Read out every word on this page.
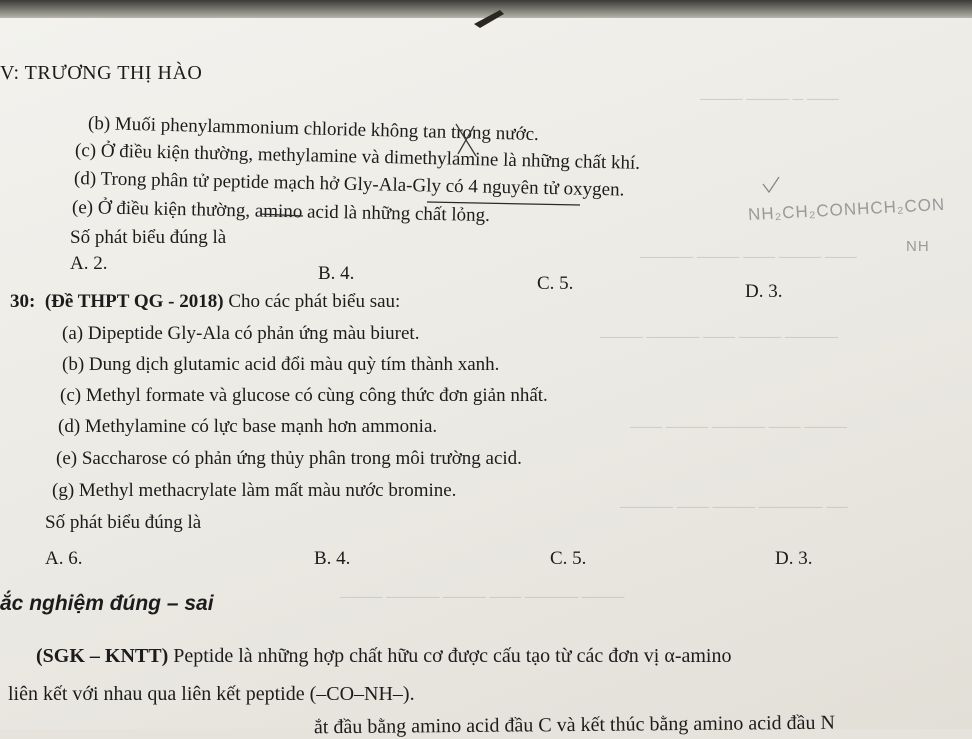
──── ──── ─ ───
───── ──── ─── ──── ───
──── ───── ─── ──── ─────
─── ──── ───── ─── ────
───── ─── ──── ────── ──
──── ───── ──── ─── ───── ────
V: TRƯƠNG THỊ HÀO
(b) Muối phenylammonium chloride không tan trong nước.
(c) Ở điều kiện thường, methylamine và dimethylamine là những chất khí.
(d) Trong phân tử peptide mạch hở Gly-Ala-Gly có 4 nguyên tử oxygen.
(e) Ở điều kiện thường, amino acid là những chất lỏng.
Số phát biểu đúng là
A. 2.	B. 4.	C. 5.	D. 3.
NH₂CH₂CONHCH₂CON
NH
30: (Đề THPT QG - 2018) Cho các phát biểu sau:
(a) Dipeptide Gly-Ala có phản ứng màu biuret.
(b) Dung dịch glutamic acid đổi màu quỳ tím thành xanh.
(c) Methyl formate và glucose có cùng công thức đơn giản nhất.
(d) Methylamine có lực base mạnh hơn ammonia.
(e) Saccharose có phản ứng thủy phân trong môi trường acid.
(g) Methyl methacrylate làm mất màu nước bromine.
Số phát biểu đúng là
A. 6.	B. 4.	C. 5.	D. 3.
ắc nghiệm đúng – sai
(SGK – KNTT) Peptide là những hợp chất hữu cơ được cấu tạo từ các đơn vị α-amino
liên kết với nhau qua liên kết peptide (–CO–NH–).
ắt đầu bằng amino acid đầu C và kết thúc bằng amino acid đầu N
